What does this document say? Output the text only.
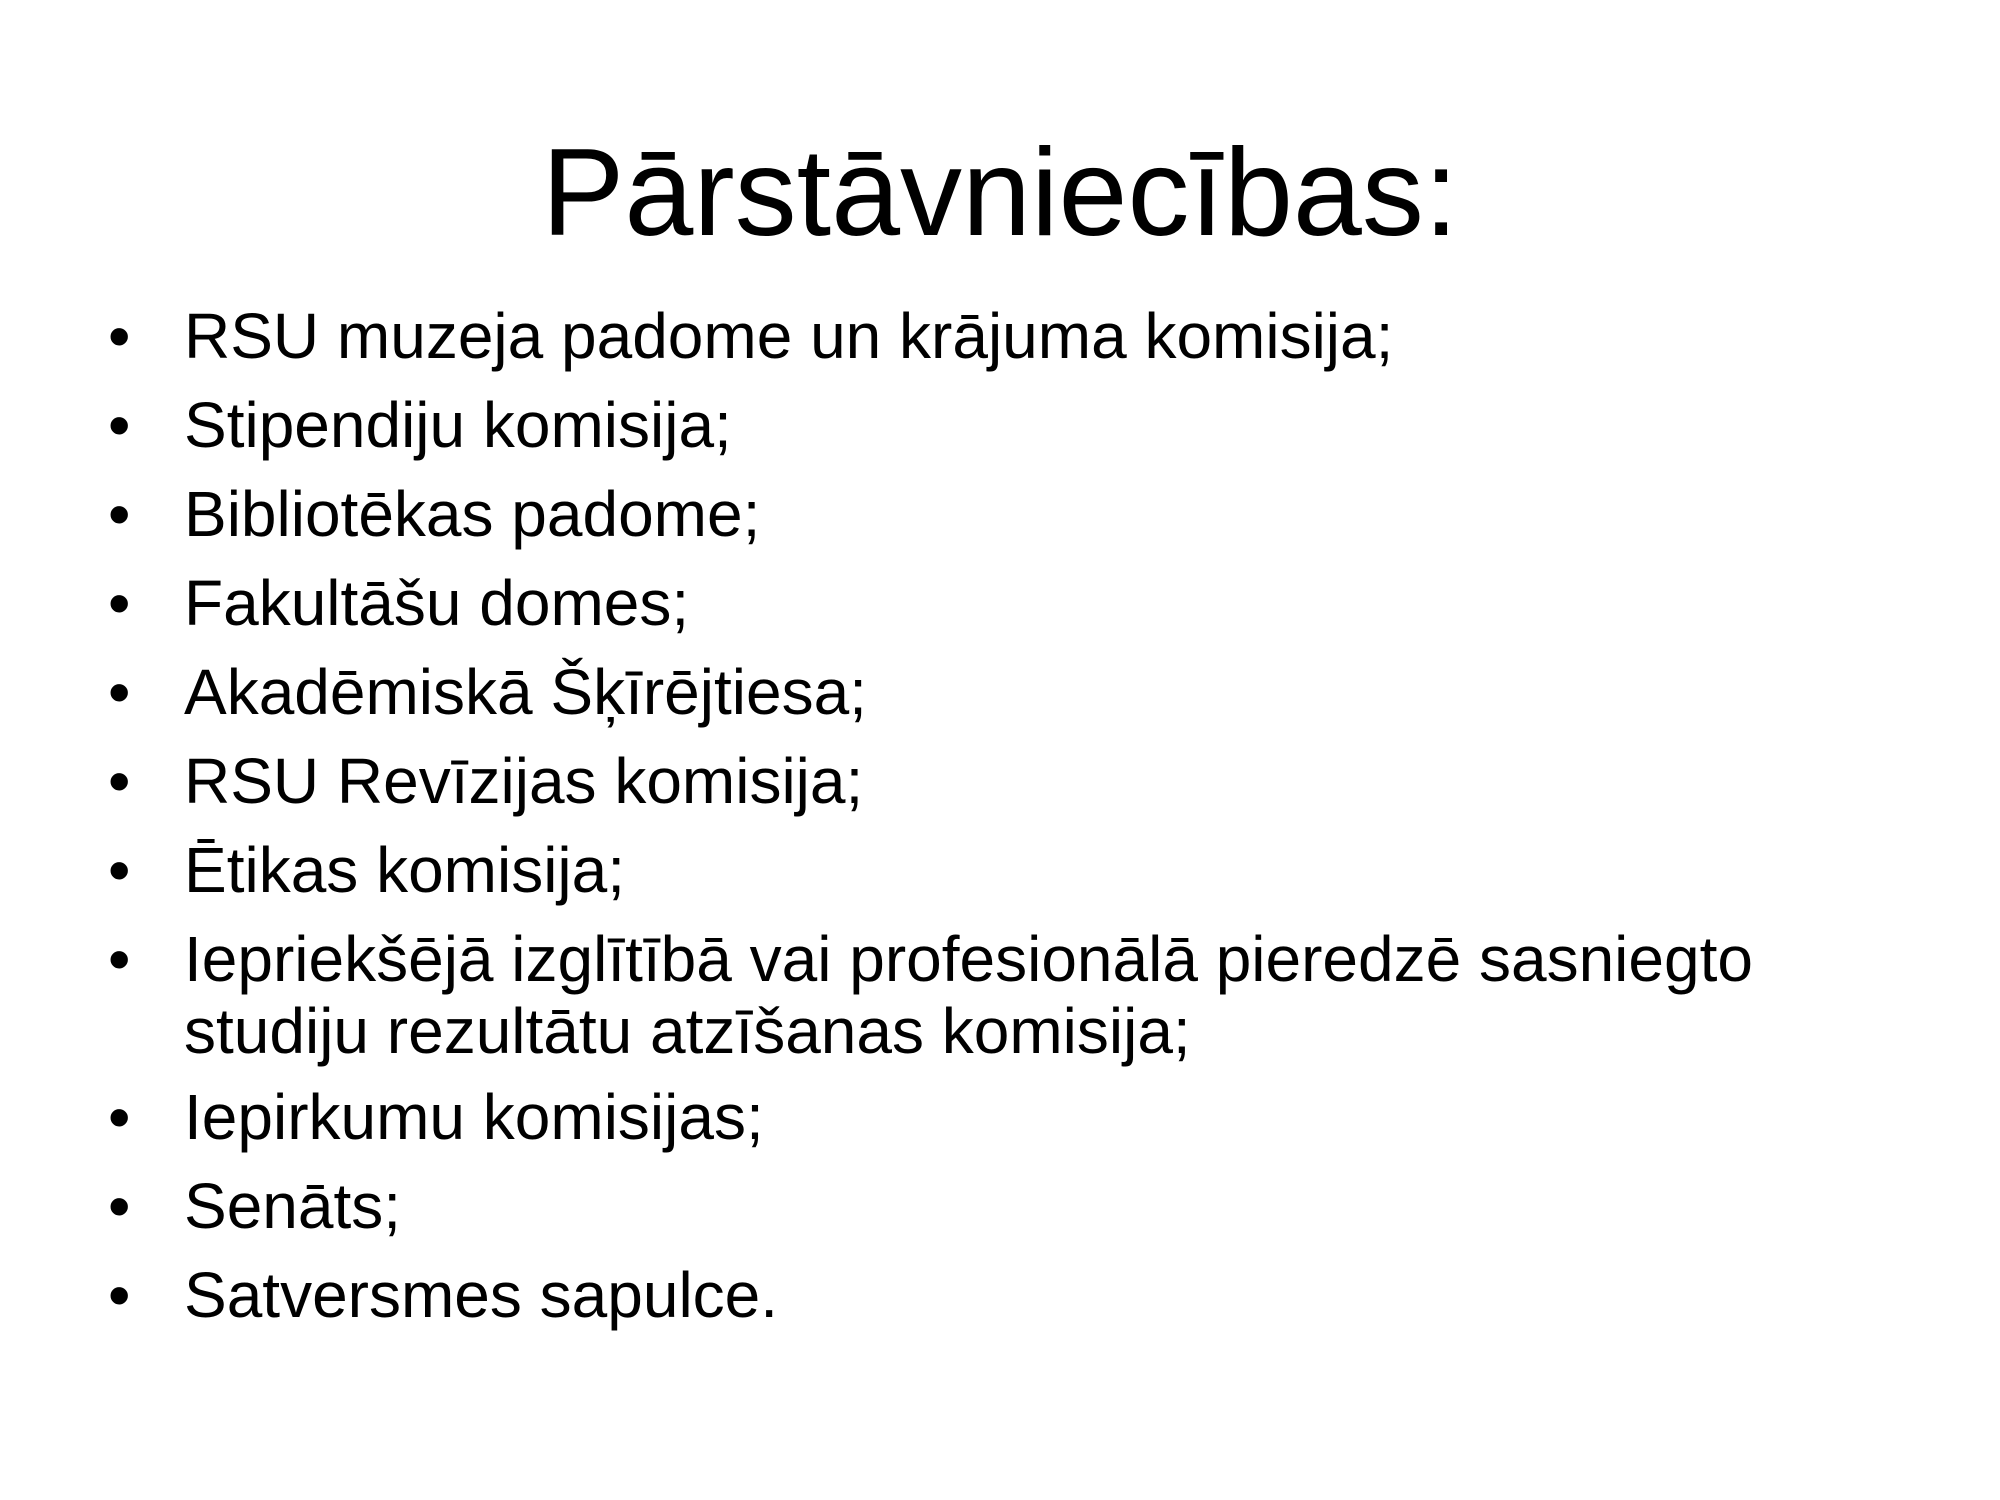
Pārstāvniecības:
• RSU muzeja padome un krājuma komisija;
• Stipendiju komisija;
• Bibliotēkas padome;
• Fakultāšu domes;
• Akadēmiskā Šķīrējtiesa;
• RSU Revīzijas komisija;
• Ētikas komisija;
• Iepriekšējā izglītībā vai profesionālā pieredzē sasniegto studiju rezultātu atzīšanas komisija;
• Iepirkumu komisijas;
• Senāts;
• Satversmes sapulce.
